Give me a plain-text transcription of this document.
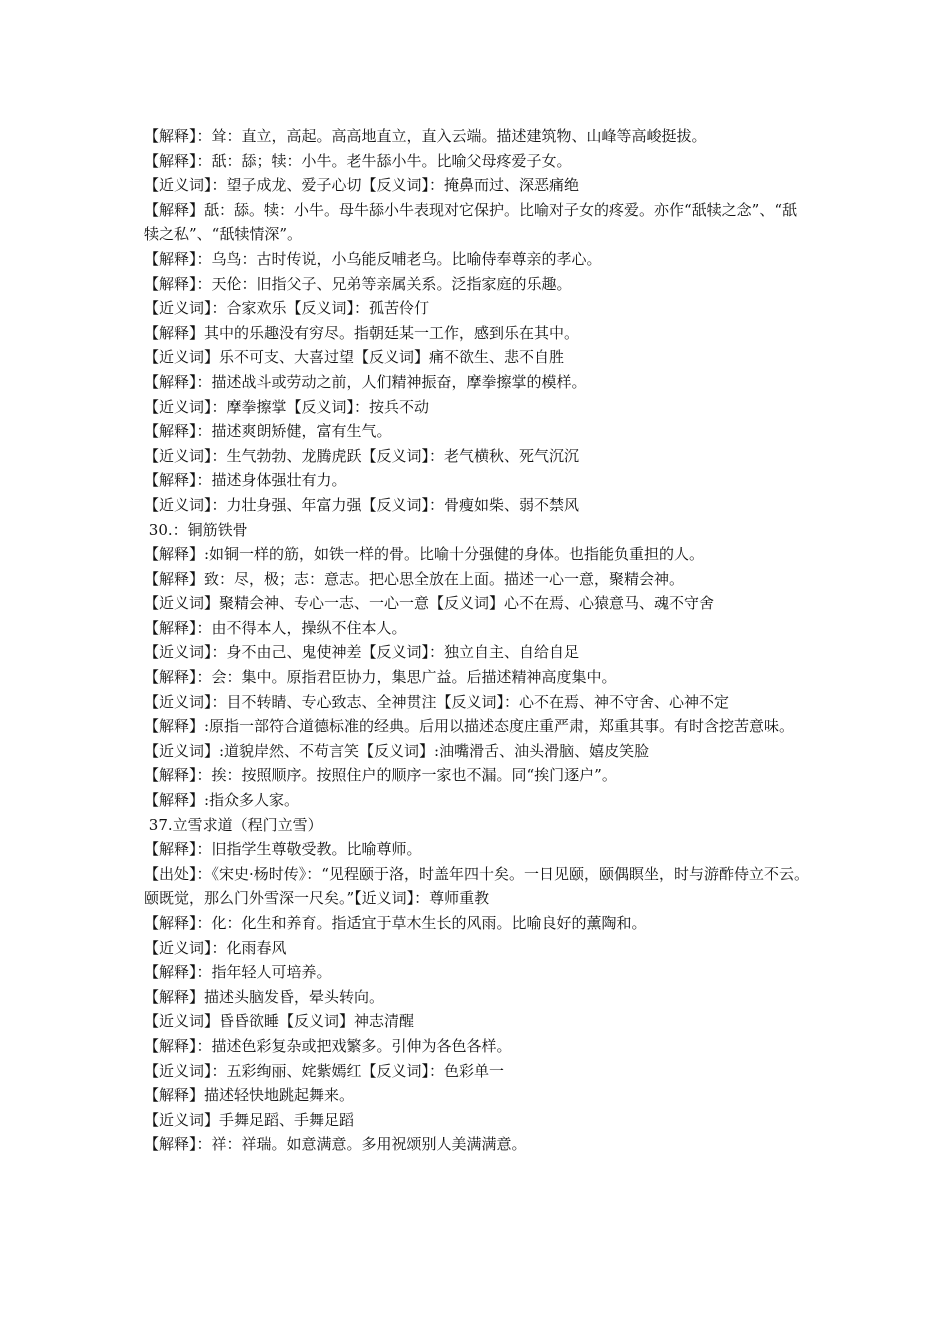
【解释】：耸：直立，高起。高高地直立，直入云端。描述建筑物、山峰等高峻挺拔。
【解释】：舐：舔；犊：小牛。老牛舔小牛。比喻父母疼爱子女。
【近义词】：望子成龙、爱子心切【反义词】：掩鼻而过、深恶痛绝
【解释】舐：舔。犊：小牛。母牛舔小牛表现对它保护。比喻对子女的疼爱。亦作“舐犊之念”、“舐犊之私”、“舐犊情深”。
【解释】：乌鸟：古时传说，小乌能反哺老乌。比喻侍奉尊亲的孝心。
【解释】：天伦：旧指父子、兄弟等亲属关系。泛指家庭的乐趣。
【近义词】：合家欢乐【反义词】：孤苦伶仃
【解释】其中的乐趣没有穷尽。指朝廷某一工作，感到乐在其中。
【近义词】乐不可支、大喜过望【反义词】痛不欲生、悲不自胜
【解释】：描述战斗或劳动之前，人们精神振奋，摩拳擦掌的模样。
【近义词】：摩拳擦掌【反义词】：按兵不动
【解释】：描述爽朗矫健，富有生气。
【近义词】：生气勃勃、龙腾虎跃【反义词】：老气横秋、死气沉沉
【解释】：描述身体强壮有力。
【近义词】：力壮身强、年富力强【反义词】：骨瘦如柴、弱不禁风
30.：铜筋铁骨
【解释】:如铜一样的筋，如铁一样的骨。比喻十分强健的身体。也指能负重担的人。
【解释】致：尽，极；志：意志。把心思全放在上面。描述一心一意，聚精会神。
【近义词】聚精会神、专心一志、一心一意【反义词】心不在焉、心猿意马、魂不守舍
【解释】：由不得本人，操纵不住本人。
【近义词】：身不由己、鬼使神差【反义词】：独立自主、自给自足
【解释】：会：集中。原指君臣协力，集思广益。后描述精神高度集中。
【近义词】：目不转睛、专心致志、全神贯注【反义词】：心不在焉、神不守舍、心神不定
【解释】:原指一部符合道德标准的经典。后用以描述态度庄重严肃，郑重其事。有时含挖苦意味。
【近义词】:道貌岸然、不苟言笑【反义词】:油嘴滑舌、油头滑脑、嬉皮笑脸
【解释】：挨：按照顺序。按照住户的顺序一家也不漏。同“挨门逐户”。
【解释】:指众多人家。
37.立雪求道（程门立雪）
【解释】：旧指学生尊敬受教。比喻尊师。
【出处】：《宋史·杨时传》：“见程颐于洛，时盖年四十矣。一日见颐，颐偶瞑坐，时与游酢侍立不云。颐既觉，那么门外雪深一尺矣。”【近义词】：尊师重教
【解释】：化：化生和养育。指适宜于草木生长的风雨。比喻良好的薰陶和。
【近义词】：化雨春风
【解释】：指年轻人可培养。
【解释】描述头脑发昏，晕头转向。
【近义词】昏昏欲睡【反义词】神志清醒
【解释】：描述色彩复杂或把戏繁多。引伸为各色各样。
【近义词】：五彩绚丽、姹紫嫣红【反义词】：色彩单一
【解释】描述轻快地跳起舞来。
【近义词】手舞足蹈、手舞足蹈
【解释】：祥：祥瑞。如意满意。多用祝颂别人美满满意。
